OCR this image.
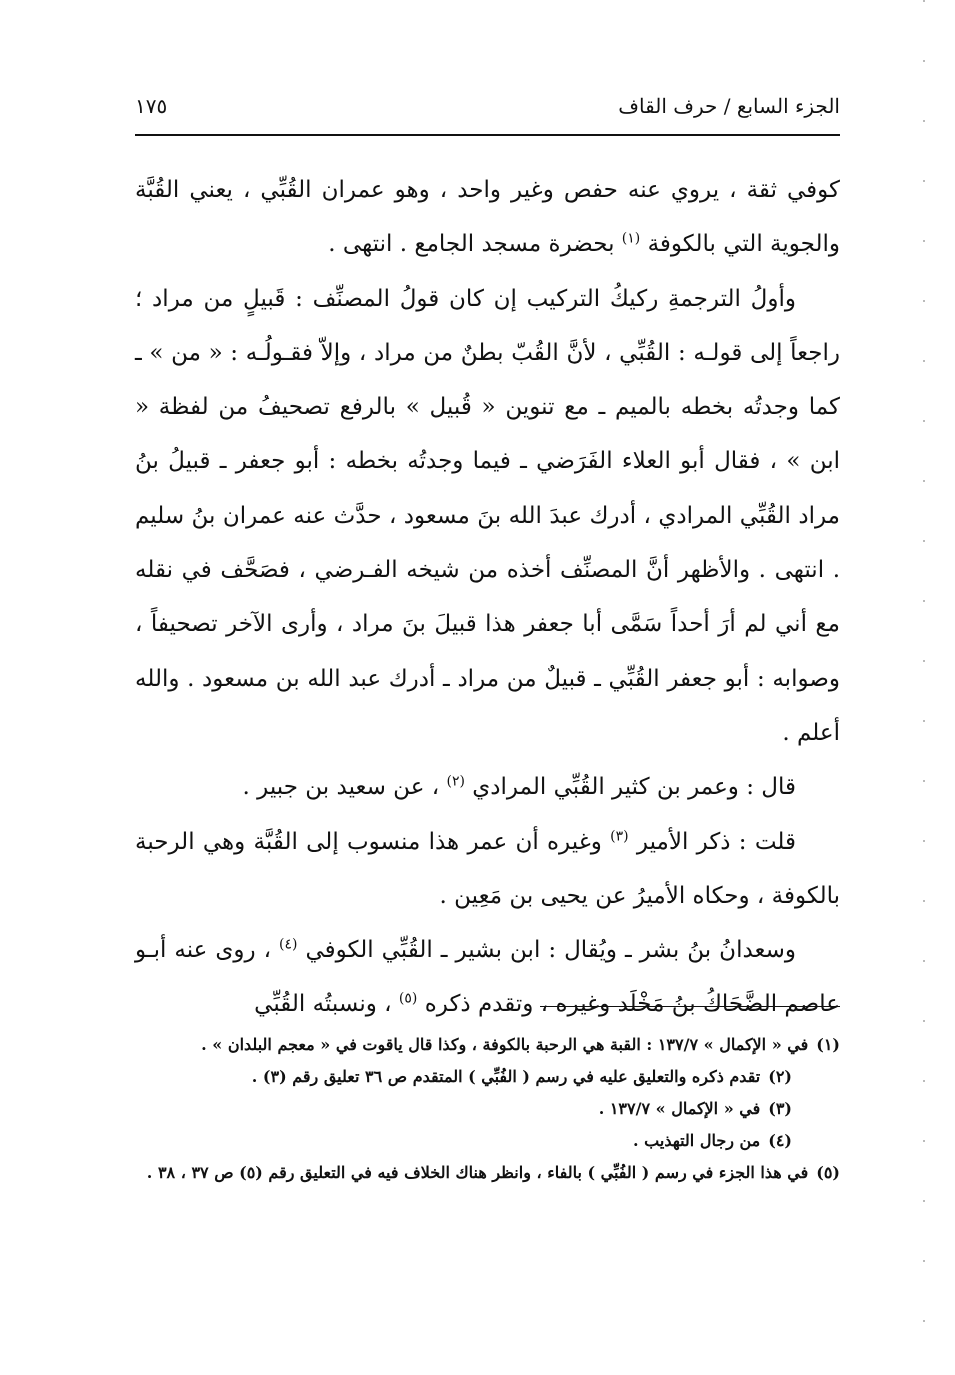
الجزء السابع / حرف القاف
١٧٥

كوفي ثقة ، يروي عنه حفص وغير واحد ، وهو عمران القُبِّي ، يعني القُبَّة والجوية التي بالكوفة $^{(١)}$ بحضرة مسجد الجامع . انتهى .

وأولُ الترجمةِ ركيكُ التركيب إن كان قولُ المصنِّف : قَبيلٍ من مراد ؛ راجعاً إلى قولـه : القُبِّي ، لأنَّ القُبّ بطنٌ من مراد ، وإلاّ فقـولُـه : « من » ـ كما وجدتُه بخطه بالميم ـ مع تنوين « قُبيل » بالرفع تصحيفُ من لفظة « ابن » ، فقال أبو العلاء الفَرَضي ـ فيما وجدتُه بخطه : أبو جعفر ـ قبيلُ بنُ مراد القُبِّي المرادي ، أدرك عبدَ الله بنَ مسعود ، حدَّث عنه عمران بنُ سليم . انتهى . والأظهر أنَّ المصنِّف أخذه من شيخه الفـرضي ، فصَحَّف في نقله مع أني لم أرَ أحداً سَمَّى أبا جعفر هذا قبيلَ بنَ مراد ، وأرى الآخر تصحيفاً ، وصوابه : أبو جعفر القُبِّي ـ قبيلٌ من مراد ـ أدرك عبد الله بن مسعود . والله أعلم .

قال : وعمر بن كثير القُبِّي المرادي $^{(٢)}$ ، عن سعيد بن جبير .

قلت : ذكر الأمير $^{(٣)}$ وغيره أن عمر هذا منسوب إلى القُبَّة وهي الرحبة بالكوفة ، وحكاه الأميرُ عن يحيى بن مَعِين .

وسعدانُ بنُ بشر ـ ويُقال : ابن بشير ـ القُبِّي الكوفي $^{(٤)}$ ، روى عنه أبـو عاصم الضَّحَاكُ بنُ مَخْلَد وغيره ، وتقدم ذكره $^{(٥)}$ ، ونسبتُه القُبِّي

(١)
في « الإكمال » ١٣٧/٧ : القبة هي الرحبة بالكوفة ، وكذا قال ياقوت في « معجم البلدان » .
(٢)
تقدم ذكره والتعليق عليه في رسم ( الفُبِّي ) المتقدم ص ٣٦ تعليق رقم (٣) .
(٣)
في « الإكمال » ١٣٧/٧ .
(٤)
من رجال التهذيب .
(٥)
في هذا الجزء في رسم ( الفُبِّي ) بالفاء ، وانظر هناك الخلاف فيه في التعليق رقم (٥) ص ٣٧ ، ٣٨ .
